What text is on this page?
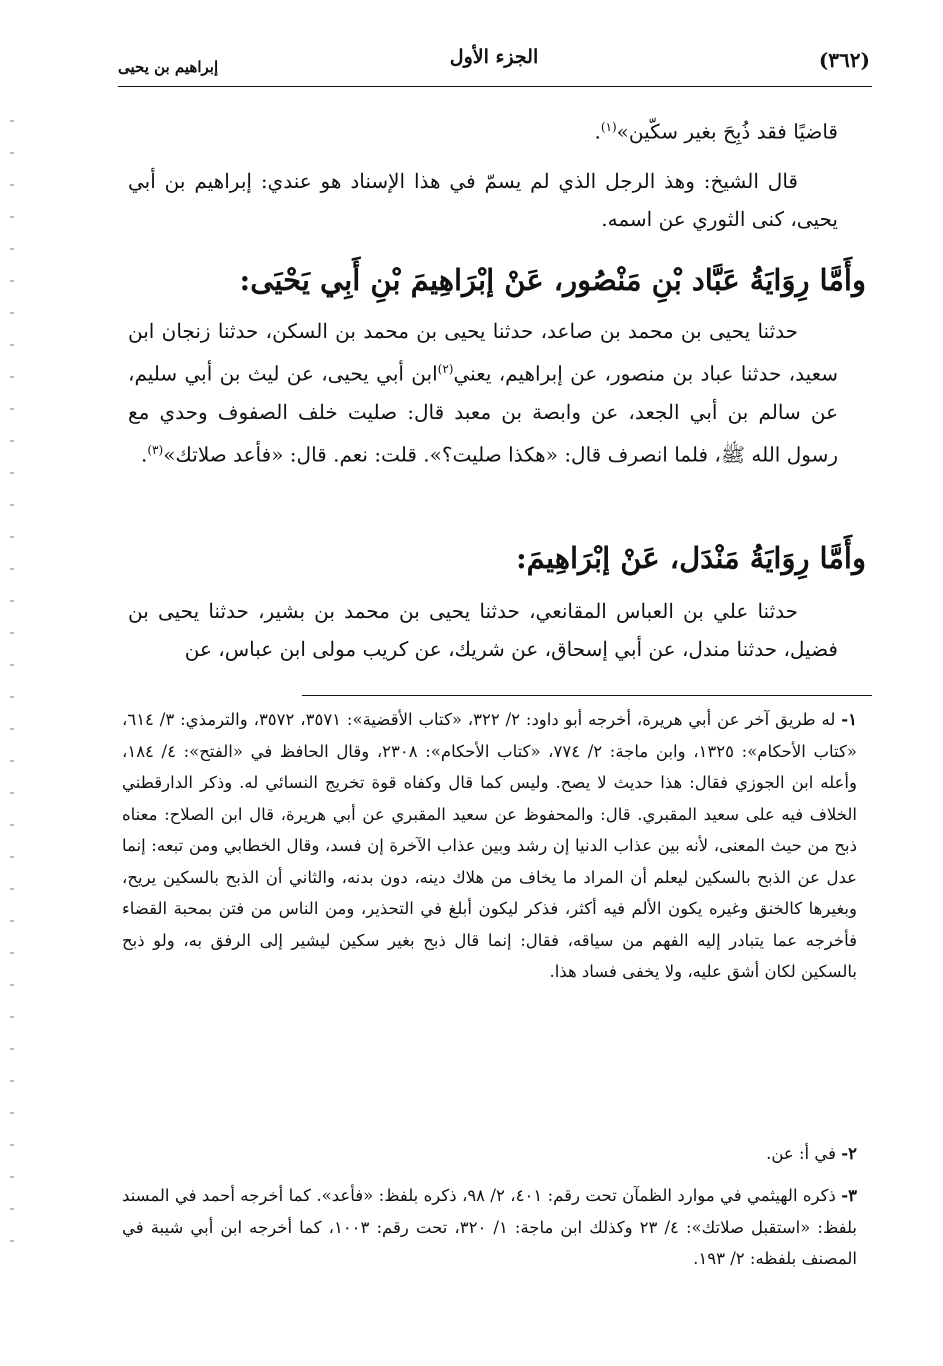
(٣٦٢)
الجزء الأول
إبراهيم بن يحيى
قاضيًا فقد ذُبِحَ بغير سكّين»$^{(١)}$.
قال الشيخ: وهذ الرجل الذي لم يسمّ في هذا الإسناد هو عندي: إبراهيم بن أبي يحيى، كنى الثوري عن اسمه.
وأَمَّا رِوَايَةُ عَبَّاد بْنِ مَنْصُور، عَنْ إبْرَاهِيمَ بْنِ أَبِي يَحْيَى:
حدثنا يحيى بن محمد بن صاعد، حدثنا يحيى بن محمد بن السكن، حدثنا زنجان ابن سعيد، حدثنا عباد بن منصور، عن إبراهيم، يعني$^{(٢)}$ابن أبي يحيى، عن ليث بن أبي سليم، عن سالم بن أبي الجعد، عن وابصة بن معبد قال: صليت خلف الصفوف وحدي مع رسول الله ﷺ، فلما انصرف قال: «هكذا صليت؟». قلت: نعم. قال: «فأعد صلاتك»$^{(٣)}$.
وأَمَّا رِوَايَةُ مَنْدَل، عَنْ إبْرَاهِيمَ:
حدثنا علي بن العباس المقانعي، حدثنا يحيى بن محمد بن بشير، حدثنا يحيى بن فضيل، حدثنا مندل، عن أبي إسحاق، عن شريك، عن كريب مولى ابن عباس، عن
١- له طريق آخر عن أبي هريرة، أخرجه أبو داود: ٢/ ٣٢٢، «كتاب الأقضية»: ٣٥٧١، ٣٥٧٢، والترمذي: ٣/ ٦١٤، «كتاب الأحكام»: ١٣٢٥، وابن ماجة: ٢/ ٧٧٤، «كتاب الأحكام»: ٢٣٠٨، وقال الحافظ في «الفتح»: ٤/ ١٨٤، وأعله ابن الجوزي فقال: هذا حديث لا يصح. وليس كما قال وكفاه قوة تخريج النسائي له. وذكر الدارقطني الخلاف فيه على سعيد المقبري. قال: والمحفوظ عن سعيد المقبري عن أبي هريرة، قال ابن الصلاح: معناه ذبح من حيث المعنى، لأنه بين عذاب الدنيا إن رشد وبين عذاب الآخرة إن فسد، وقال الخطابي ومن تبعه: إنما عدل عن الذبح بالسكين ليعلم أن المراد ما يخاف من هلاك دينه، دون بدنه، والثاني أن الذبح بالسكين يريح، وبغيرها كالخنق وغيره يكون الألم فيه أكثر، فذكر ليكون أبلغ في التحذير، ومن الناس من فتن بمحبة القضاء فأخرجه عما يتبادر إليه الفهم من سياقه، فقال: إنما قال ذبح بغير سكين ليشير إلى الرفق به، ولو ذبح بالسكين لكان أشق عليه، ولا يخفى فساد هذا.
٢- في أ: عن.
٣- ذكره الهيثمي في موارد الظمآن تحت رقم: ٤٠١، ٢/ ٩٨، ذكره بلفظ: «فأعد». كما أخرجه أحمد في المسند بلفظ: «استقبل صلاتك»: ٤/ ٢٣ وكذلك ابن ماجة: ١/ ٣٢٠، تحت رقم: ١٠٠٣، كما أخرجه ابن أبي شيبة في المصنف بلفظه: ٢/ ١٩٣.
